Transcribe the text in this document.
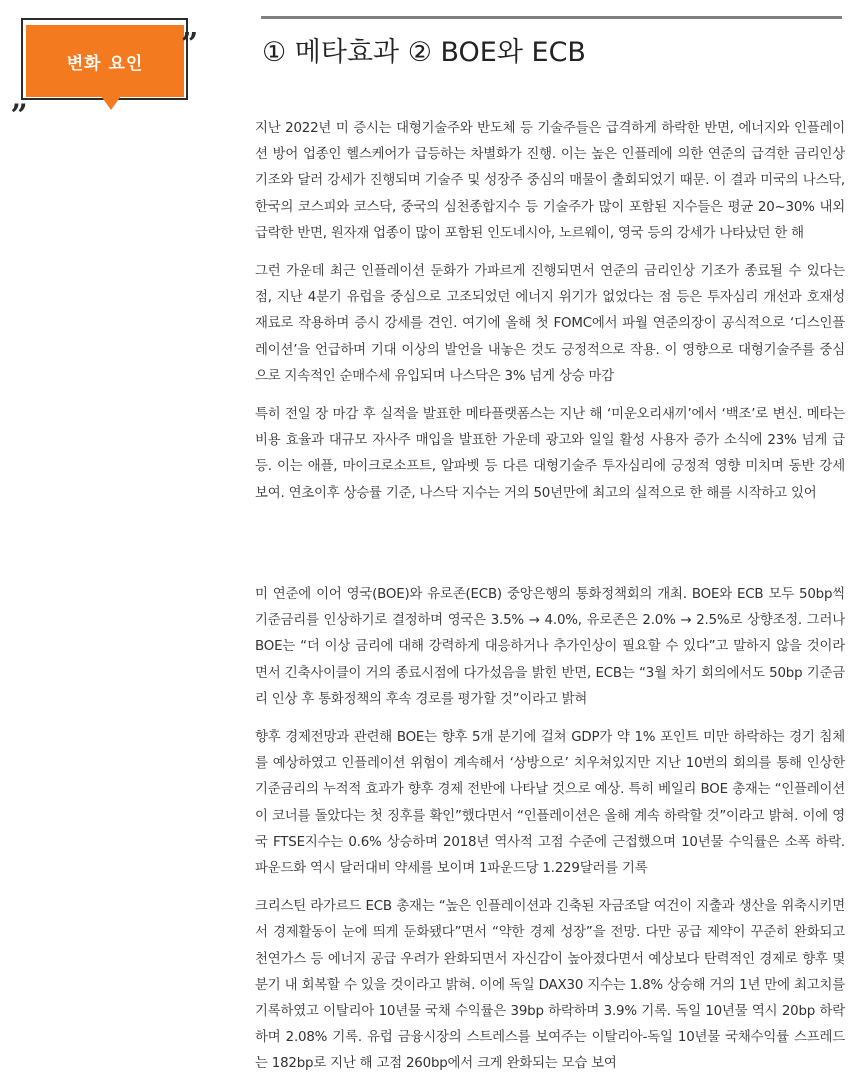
변화 요인
”
„
① 메타효과 ② BOE와 ECB

지난 2022년 미 증시는 대형기술주와 반도체 등 기술주들은 급격하게 하락한 반면, 에너지와 인플레이션 방어 업종인 헬스케어가 급등하는 차별화가 진행. 이는 높은 인플레에 의한 연준의 급격한 금리인상 기조와 달러 강세가 진행되며 기술주 및 성장주 중심의 매물이 출회되었기 때문. 이 결과 미국의 나스닥, 한국의 코스피와 코스닥, 중국의 심천종합지수 등 기술주가 많이 포함된 지수들은 평균 20~30% 내외 급락한 반면, 원자재 업종이 많이 포함된 인도네시아, 노르웨이, 영국 등의 강세가 나타났던 한 해

그런 가운데 최근 인플레이션 둔화가 가파르게 진행되면서 연준의 금리인상 기조가 종료될 수 있다는 점, 지난 4분기 유럽을 중심으로 고조되었던 에너지 위기가 없었다는 점 등은 투자심리 개선과 호재성 재료로 작용하며 증시 강세를 견인. 여기에 올해 첫 FOMC에서 파월 연준의장이 공식적으로 ‘디스인플레이션’을 언급하며 기대 이상의 발언을 내놓은 것도 긍정적으로 작용. 이 영향으로 대형기술주를 중심으로 지속적인 순매수세 유입되며 나스닥은 3% 넘게 상승 마감

특히 전일 장 마감 후 실적을 발표한 메타플랫폼스는 지난 해 ‘미운오리새끼’에서 ‘백조’로 변신. 메타는 비용 효율과 대규모 자사주 매입을 발표한 가운데 광고와 일일 활성 사용자 증가 소식에 23% 넘게 급등. 이는 애플, 마이크로소프트, 알파벳 등 다른 대형기술주 투자심리에 긍정적 영향 미치며 동반 강세 보여. 연초이후 상승률 기준, 나스닥 지수는 거의 50년만에 최고의 실적으로 한 해를 시작하고 있어

미 연준에 이어 영국(BOE)와 유로존(ECB) 중앙은행의 통화정책회의 개최. BOE와 ECB 모두 50bp씩 기준금리를 인상하기로 결정하며 영국은 3.5% → 4.0%, 유로존은 2.0% → 2.5%로 상향조정. 그러나 BOE는 “더 이상 금리에 대해 강력하게 대응하거나 추가인상이 필요할 수 있다”고 말하지 않을 것이라면서 긴축사이클이 거의 종료시점에 다가섰음을 밝힌 반면, ECB는 “3월 차기 회의에서도 50bp 기준금리 인상 후 통화정책의 후속 경로를 평가할 것”이라고 밝혀

향후 경제전망과 관련해 BOE는 향후 5개 분기에 걸쳐 GDP가 약 1% 포인트 미만 하락하는 경기 침체를 예상하였고 인플레이션 위험이 계속해서 ‘상방으로’ 치우쳐있지만 지난 10번의 회의를 통해 인상한 기준금리의 누적적 효과가 향후 경제 전반에 나타날 것으로 예상. 특히 베일리 BOE 총재는 “인플레이션이 코너를 돌았다는 첫 징후를 확인”했다면서 “인플레이션은 올해 계속 하락할 것”이라고 밝혀. 이에 영국 FTSE지수는 0.6% 상승하며 2018년 역사적 고점 수준에 근접했으며 10년물 수익률은 소폭 하락. 파운드화 역시 달러대비 약세를 보이며 1파운드당 1.229달러를 기록

크리스틴 라가르드 ECB 총재는 “높은 인플레이션과 긴축된 자금조달 여건이 지출과 생산을 위축시키면서 경제활동이 눈에 띄게 둔화됐다”면서 “약한 경제 성장”을 전망. 다만 공급 제약이 꾸준히 완화되고 천연가스 등 에너지 공급 우려가 완화되면서 자신감이 높아졌다면서 예상보다 탄력적인 경제로 향후 몇 분기 내 회복할 수 있을 것이라고 밝혀. 이에 독일 DAX30 지수는 1.8% 상승해 거의 1년 만에 최고치를 기록하였고 이탈리아 10년물 국채 수익률은 39bp 하락하며 3.9% 기록. 독일 10년물 역시 20bp 하락하며 2.08% 기록. 유럽 금융시장의 스트레스를 보여주는 이탈리아-독일 10년물 국채수익률 스프레드는 182bp로 지난 해 고점 260bp에서 크게 완화되는 모습 보여
